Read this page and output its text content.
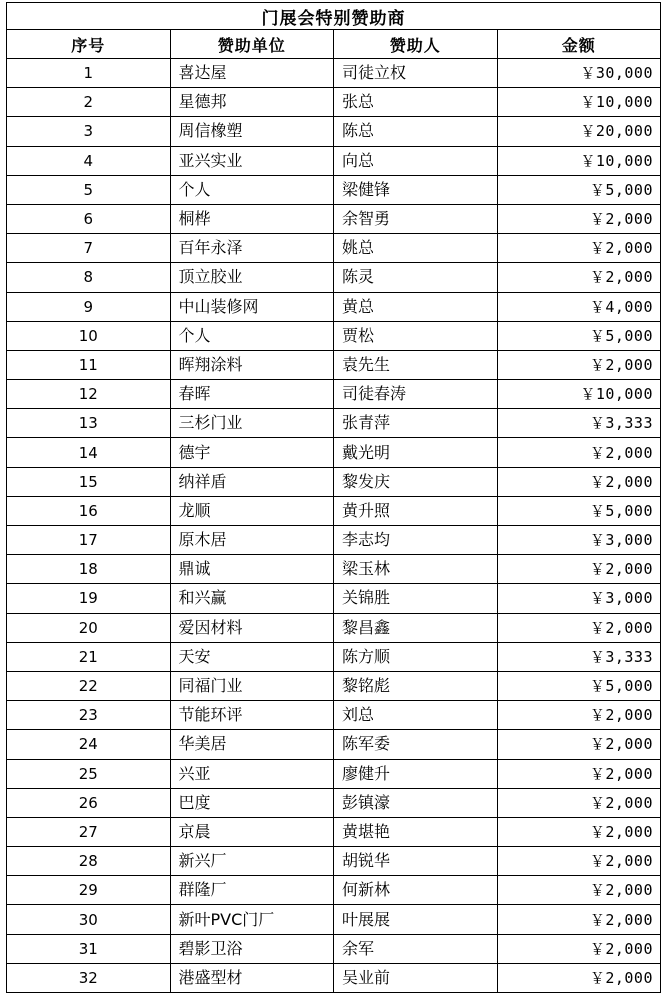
门展会特别赞助商			
序号	赞助单位	赞助人	金额
1	喜达屋	司徒立权	￥30,000
2	星德邦	张总	￥10,000
3	周信橡塑	陈总	￥20,000
4	亚兴实业	向总	￥10,000
5	个人	梁健锋	￥5,000
6	桐桦	余智勇	￥2,000
7	百年永泽	姚总	￥2,000
8	顶立胶业	陈灵	￥2,000
9	中山装修网	黄总	￥4,000
10	个人	贾松	￥5,000
11	晖翔涂料	袁先生	￥2,000
12	春晖	司徒春涛	￥10,000
13	三杉门业	张青萍	￥3,333
14	德宇	戴光明	￥2,000
15	纳祥盾	黎发庆	￥2,000
16	龙顺	黄升照	￥5,000
17	原木居	李志均	￥3,000
18	鼎诚	梁玉林	￥2,000
19	和兴赢	关锦胜	￥3,000
20	爱因材料	黎昌鑫	￥2,000
21	天安	陈方顺	￥3,333
22	同福门业	黎铭彪	￥5,000
23	节能环评	刘总	￥2,000
24	华美居	陈军委	￥2,000
25	兴亚	廖健升	￥2,000
26	巴度	彭镇濠	￥2,000
27	京晨	黄堪艳	￥2,000
28	新兴厂	胡锐华	￥2,000
29	群隆厂	何新林	￥2,000
30	新叶PVC门厂	叶展展	￥2,000
31	碧影卫浴	余军	￥2,000
32	港盛型材	吴业前	￥2,000
